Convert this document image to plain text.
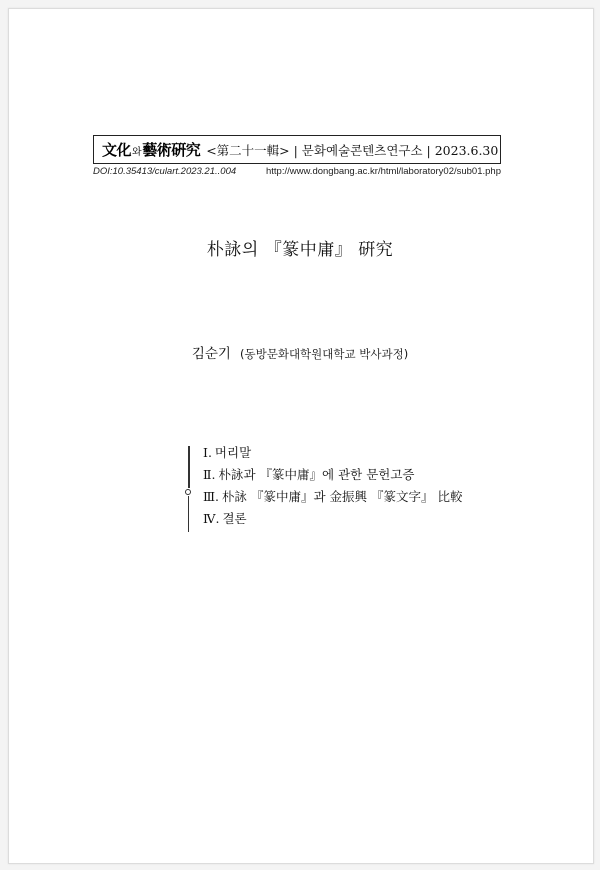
文化와藝術硏究 <第二十一輯> | 문화예술콘텐츠연구소 | 2023.6.30
DOI:10.35413/culart.2023.21..004	http://www.dongbang.ac.kr/html/laboratory02/sub01.php
朴詠의 『篆中庸』 硏究
김순기 (동방문화대학원대학교 박사과정)
Ⅰ. 머리말
Ⅱ. 朴詠과 『篆中庸』에 관한 문헌고증
Ⅲ. 朴詠 『篆中庸』과 金振興 『篆文字』 比較
Ⅳ. 결론
